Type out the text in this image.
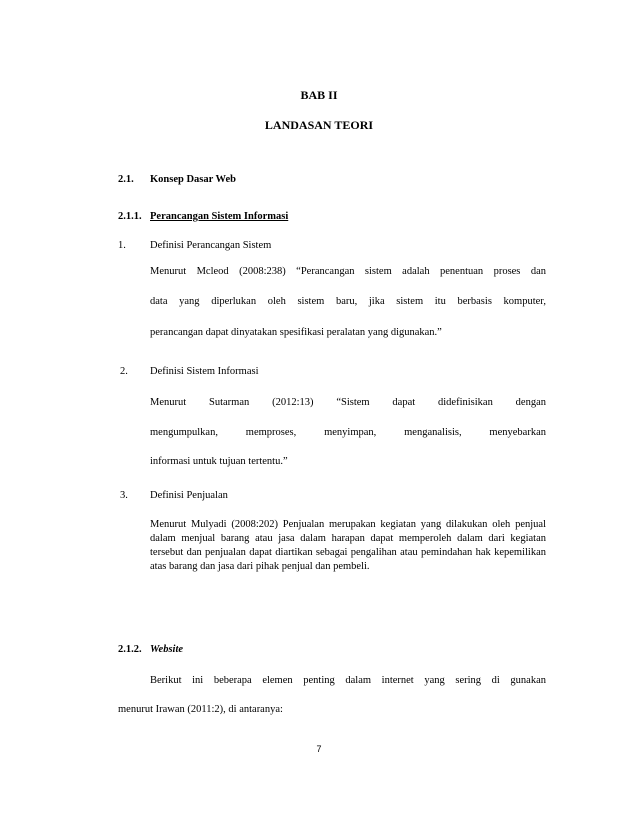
BAB II
LANDASAN TEORI
2.1. Konsep Dasar Web
2.1.1. Perancangan Sistem Informasi
1. Definisi Perancangan Sistem
Menurut Mcleod (2008:238) “Perancangan sistem adalah penentuan proses dan
data yang diperlukan oleh sistem baru, jika sistem itu berbasis komputer,
perancangan dapat dinyatakan spesifikasi peralatan yang digunakan.”
2. Definisi Sistem Informasi
Menurut Sutarman (2012:13) “Sistem dapat didefinisikan dengan
mengumpulkan, memproses, menyimpan, menganalisis, menyebarkan
informasi untuk tujuan tertentu.”
3. Definisi Penjualan
Menurut Mulyadi (2008:202) Penjualan merupakan kegiatan yang dilakukan oleh penjual dalam menjual barang atau jasa dalam harapan dapat memperoleh dalam dari kegiatan tersebut dan penjualan dapat diartikan sebagai pengalihan atau pemindahan hak kepemilikan atas barang dan jasa dari pihak penjual dan pembeli.
2.1.2. Website
Berikut ini beberapa elemen penting dalam internet yang sering di gunakan
menurut Irawan (2011:2), di antaranya:
7
